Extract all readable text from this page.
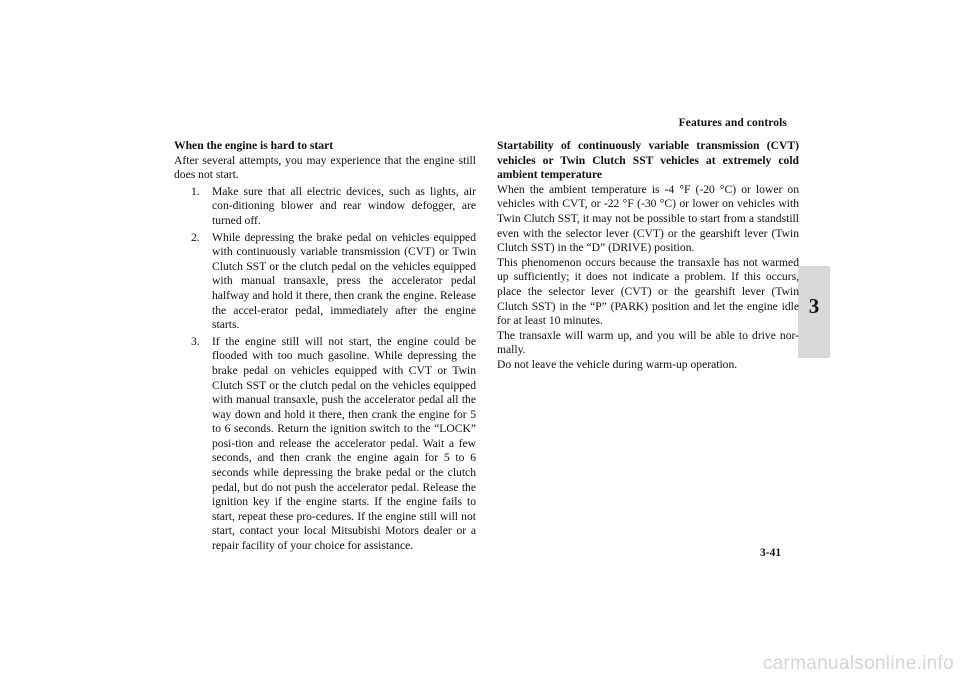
Features and controls
3

When the engine is hard to start

After several attempts, you may experience that the engine still does not start.

1. Make sure that all electric devices, such as lights, air con-ditioning blower and rear window defogger, are turned off.
2. While depressing the brake pedal on vehicles equipped with continuously variable transmission (CVT) or Twin Clutch SST or the clutch pedal on the vehicles equipped with manual transaxle, press the accelerator pedal halfway and hold it there, then crank the engine. Release the accel-erator pedal, immediately after the engine starts.
3. If the engine still will not start, the engine could be flooded with too much gasoline. While depressing the brake pedal on vehicles equipped with CVT or Twin Clutch SST or the clutch pedal on the vehicles equipped with manual transaxle, push the accelerator pedal all the way down and hold it there, then crank the engine for 5 to 6 seconds. Return the ignition switch to the “LOCK” posi-tion and release the accelerator pedal. Wait a few seconds, and then crank the engine again for 5 to 6 seconds while depressing the brake pedal or the clutch pedal, but do not push the accelerator pedal. Release the ignition key if the engine starts. If the engine fails to start, repeat these pro-cedures. If the engine still will not start, contact your local Mitsubishi Motors dealer or a repair facility of your choice for assistance.

Startability of continuously variable transmission (CVT) vehicles or Twin Clutch SST vehicles at extremely cold ambient temperature

When the ambient temperature is -4 °F (-20 °C) or lower on vehicles with CVT, or -22 °F (-30 °C) or lower on vehicles with Twin Clutch SST, it may not be possible to start from a standstill even with the selector lever (CVT) or the gearshift lever (Twin Clutch SST) in the “D” (DRIVE) position.

This phenomenon occurs because the transaxle has not warmed up sufficiently; it does not indicate a problem. If this occurs, place the selector lever (CVT) or the gearshift lever (Twin Clutch SST) in the “P” (PARK) position and let the engine idle for at least 10 minutes.

The transaxle will warm up, and you will be able to drive nor-mally.

Do not leave the vehicle during warm-up operation.

3-41
carmanualsonline.info
